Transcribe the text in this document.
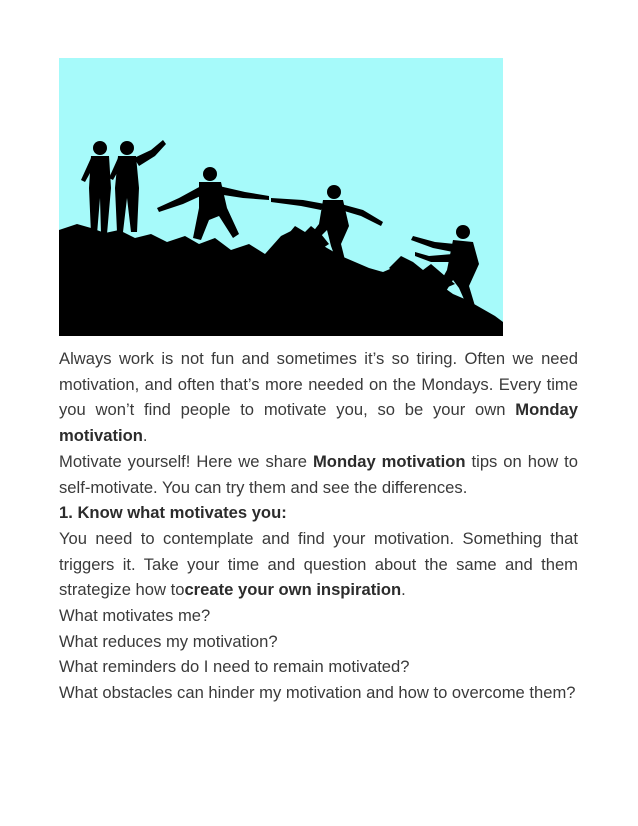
Always work is not fun and sometimes it’s so tiring. Often we need motivation, and often that’s more needed on the Mondays. Every time you won’t find people to motivate you, so be your own Monday motivation.

Motivate yourself! Here we share Monday motivation tips on how to self-motivate. You can try them and see the differences.

1. Know what motivates you:

You need to contemplate and find your motivation. Something that triggers it. Take your time and question about the same and them strategize how tocreate your own inspiration.

What motivates me?

What reduces my motivation?

What reminders do I need to remain motivated?

What obstacles can hinder my motivation and how to overcome them?
